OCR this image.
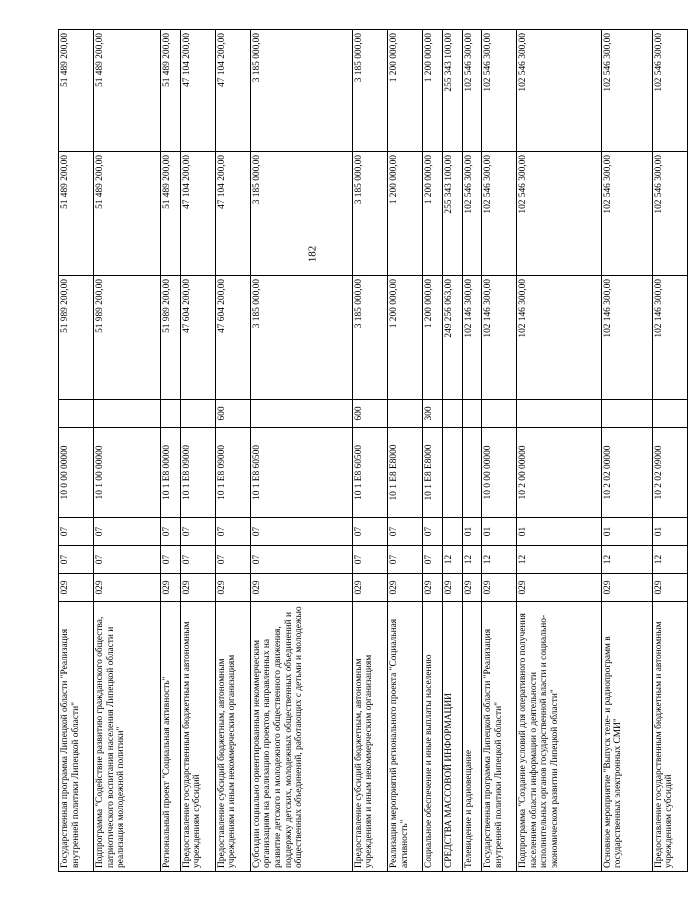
182
Государственная программа Липецкой области "Реализация внутренней политики Липецкой области"	029	07	07	10 0 00 00000		51 989 200,00	51 489 200,00	51 489 200,00
Подпрограмма "Содействие развитию гражданского общества, патриотического воспитания населения Липецкой области и реализация молодежной политики"	029	07	07	10 1 00 00000		51 989 200,00	51 489 200,00	51 489 200,00
Региональный проект "Социальная активность"	029	07	07	10 1 E8 00000		51 989 200,00	51 489 200,00	51 489 200,00
Предоставление государственным бюджетным и автономным учреждениям субсидий	029	07	07	10 1 E8 09000		47 604 200,00	47 104 200,00	47 104 200,00
Предоставление субсидий бюджетным, автономным учреждениям и иным некоммерческим организациям	029	07	07	10 1 E8 09000	600	47 604 200,00	47 104 200,00	47 104 200,00
Субсидии социально ориентированным некоммерческим организациям на реализацию проектов, направленных на развитие детского и молодежного общественного движения, поддержку детских, молодежных общественных объединений и общественных объединений, работающих с детьми и молодежью	029	07	07	10 1 E8 60500		3 185 000,00	3 185 000,00	3 185 000,00
Предоставление субсидий бюджетным, автономным учреждениям и иным некоммерческим организациям	029	07	07	10 1 E8 60500	600	3 185 000,00	3 185 000,00	3 185 000,00
Реализация мероприятий регионального проекта "Социальная активность"	029	07	07	10 1 E8 E8000		1 200 000,00	1 200 000,00	1 200 000,00
Социальное обеспечение и иные выплаты населению	029	07	07	10 1 E8 E8000	300	1 200 000,00	1 200 000,00	1 200 000,00
СРЕДСТВА МАССОВОЙ ИНФОРМАЦИИ	029	12				249 256 063,00	255 343 100,00	255 343 100,00
Телевидение и радиовещание	029	12	01			102 146 300,00	102 546 300,00	102 546 300,00
Государственная программа Липецкой области "Реализация внутренней политики Липецкой области"	029	12	01	10 0 00 00000		102 146 300,00	102 546 300,00	102 546 300,00
Подпрограмма "Создание условий для оперативного получения населением области информации о деятельности исполнительных органов государственной власти и социально-экономическом развитии Липецкой области"	029	12	01	10 2 00 00000		102 146 300,00	102 546 300,00	102 546 300,00
Основное мероприятие "Выпуск теле- и радиопрограмм в государственных электронных СМИ"	029	12	01	10 2 02 00000		102 146 300,00	102 546 300,00	102 546 300,00
Предоставление государственным бюджетным и автономным учреждениям субсидий	029	12	01	10 2 02 09000		102 146 300,00	102 546 300,00	102 546 300,00
